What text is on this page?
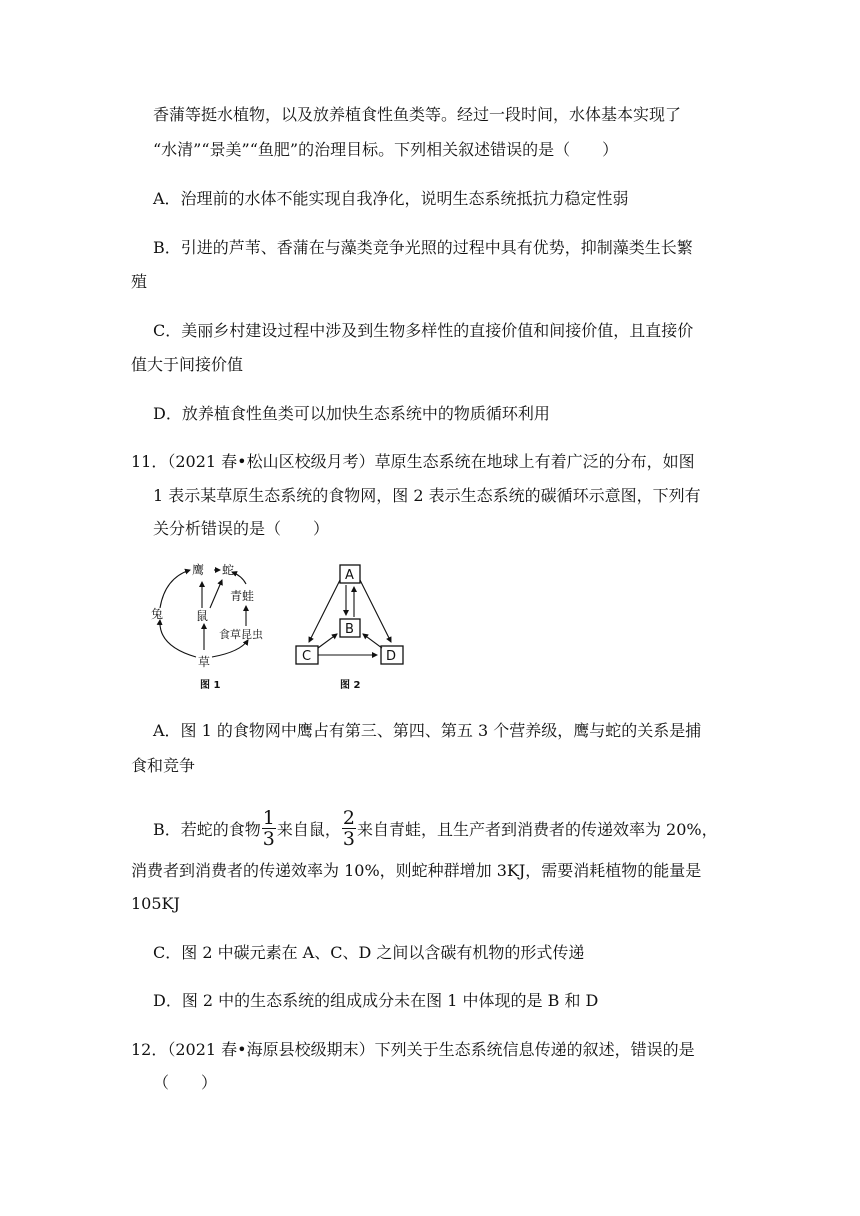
香蒲等挺水植物，以及放养植食性鱼类等。经过一段时间，水体基本实现了
“水清”“景美”“鱼肥”的治理目标。下列相关叙述错误的是（　　）
A．治理前的水体不能实现自我净化，说明生态系统抵抗力稳定性弱
B．引进的芦苇、香蒲在与藻类竞争光照的过程中具有优势，抑制藻类生长繁
殖
C．美丽乡村建设过程中涉及到生物多样性的直接价值和间接价值，且直接价
值大于间接价值
D．放养植食性鱼类可以加快生态系统中的物质循环利用
11．（2021 春•松山区校级月考）草原生态系统在地球上有着广泛的分布，如图
1 表示某草原生态系统的食物网，图 2 表示生态系统的碳循环示意图，下列有
关分析错误的是（　　）
鹰 蛇
青蛙
兔	鼠
食草昆虫
草
图 1
A
B
C	D
图 2
A．图 1 的食物网中鹰占有第三、第四、第五 3 个营养级，鹰与蛇的关系是捕
食和竞争
B．若蛇的食物 $\frac{1}{3}$ 来自鼠， $\frac{2}{3}$ 来自青蛙，且生产者到消费者的传递效率为 20%，
消费者到消费者的传递效率为 10%，则蛇种群增加 3KJ，需要消耗植物的能量是
105KJ
C．图 2 中碳元素在 A、C、D 之间以含碳有机物的形式传递
D．图 2 中的生态系统的组成成分未在图 1 中体现的是 B 和 D
12．（2021 春•海原县校级期末）下列关于生态系统信息传递的叙述，错误的是
（　　）
